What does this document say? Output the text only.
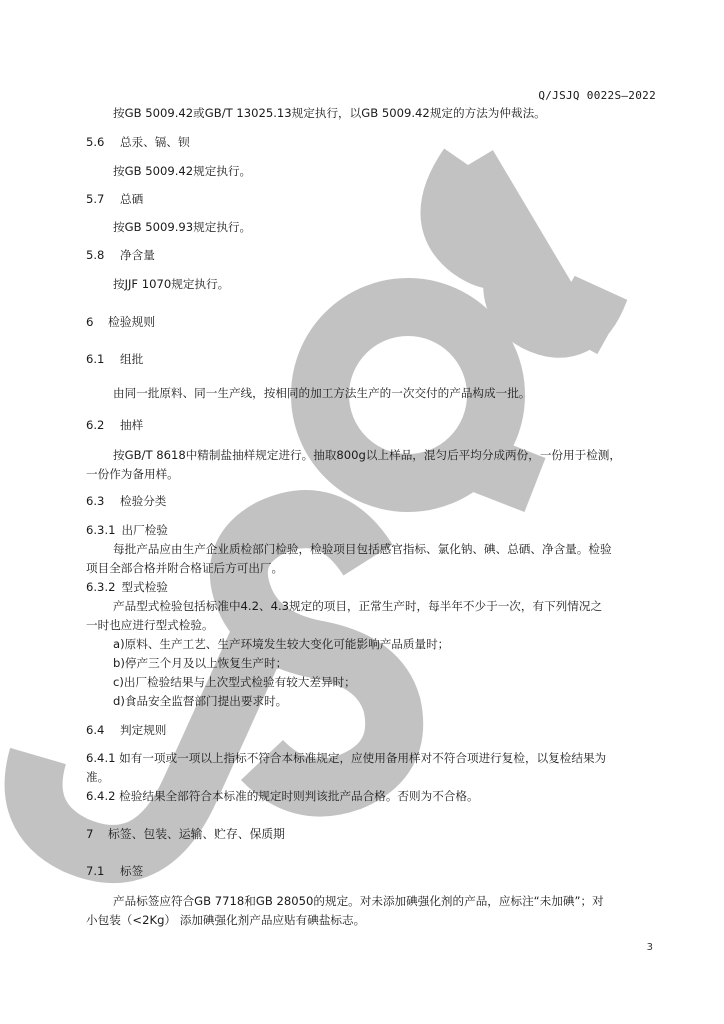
Q/JSJQ 0022S—2022
按GB 5009.42或GB/T 13025.13规定执行，以GB 5009.42规定的方法为仲裁法。
5.6 总汞、镉、钡
按GB 5009.42规定执行。
5.7 总硒
按GB 5009.93规定执行。
5.8 净含量
按JJF 1070规定执行。
6 检验规则
6.1 组批
由同一批原料、同一生产线，按相同的加工方法生产的一次交付的产品构成一批。
6.2 抽样
按GB/T 8618中精制盐抽样规定进行。抽取800g以上样品，混匀后平均分成两份，一份用于检测，
一份作为备用样。
6.3 检验分类
6.3.1 出厂检验
每批产品应由生产企业质检部门检验，检验项目包括感官指标、氯化钠、碘、总硒、净含量。检验
项目全部合格并附合格证后方可出厂。
6.3.2 型式检验
产品型式检验包括标准中4.2、4.3规定的项目，正常生产时，每半年不少于一次，有下列情况之
一时也应进行型式检验。
a)原料、生产工艺、生产环境发生较大变化可能影响产品质量时；
b)停产三个月及以上恢复生产时；
c)出厂检验结果与上次型式检验有较大差异时；
d)食品安全监督部门提出要求时。
6.4 判定规则
6.4.1 如有一项或一项以上指标不符合本标准规定，应使用备用样对不符合项进行复检，以复检结果为
准。
6.4.2 检验结果全部符合本标准的规定时则判该批产品合格。否则为不合格。
7 标签、包装、运输、贮存、保质期
7.1 标签
产品标签应符合GB 7718和GB 28050的规定。对未添加碘强化剂的产品，应标注“未加碘”；对
小包装（<2Kg） 添加碘强化剂产品应贴有碘盐标志。
3
